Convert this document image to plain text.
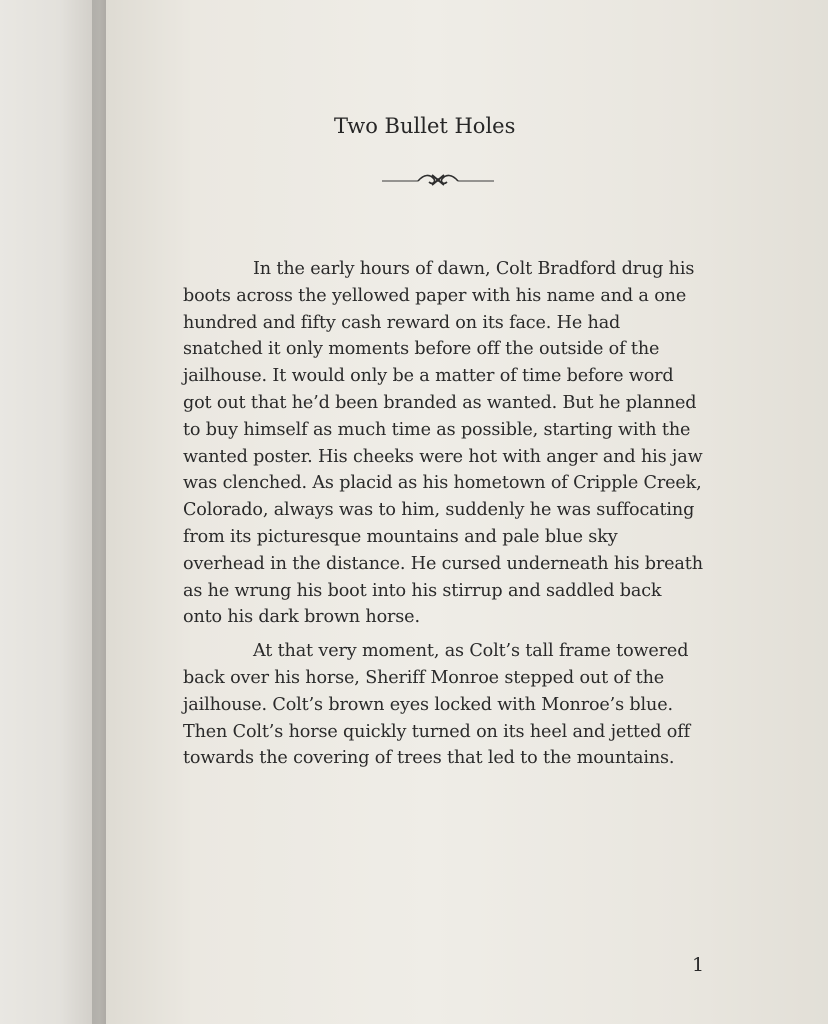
Two Bullet Holes

In the early hours of dawn, Colt Bradford drug his boots across the yellowed paper with his name and a one hundred and fifty cash reward on its face. He had snatched it only moments before off the outside of the jailhouse. It would only be a matter of time before word got out that he’d been branded as wanted. But he planned to buy himself as much time as possible, starting with the wanted poster. His cheeks were hot with anger and his jaw was clenched. As placid as his hometown of Cripple Creek, Colorado, always was to him, suddenly he was suffocating from its picturesque mountains and pale blue sky overhead in the distance. He cursed underneath his breath as he wrung his boot into his stirrup and saddled back onto his dark brown horse.

At that very moment, as Colt’s tall frame towered back over his horse, Sheriff Monroe stepped out of the jailhouse. Colt’s brown eyes locked with Monroe’s blue. Then Colt’s horse quickly turned on its heel and jetted off towards the covering of trees that led to the mountains.

1
